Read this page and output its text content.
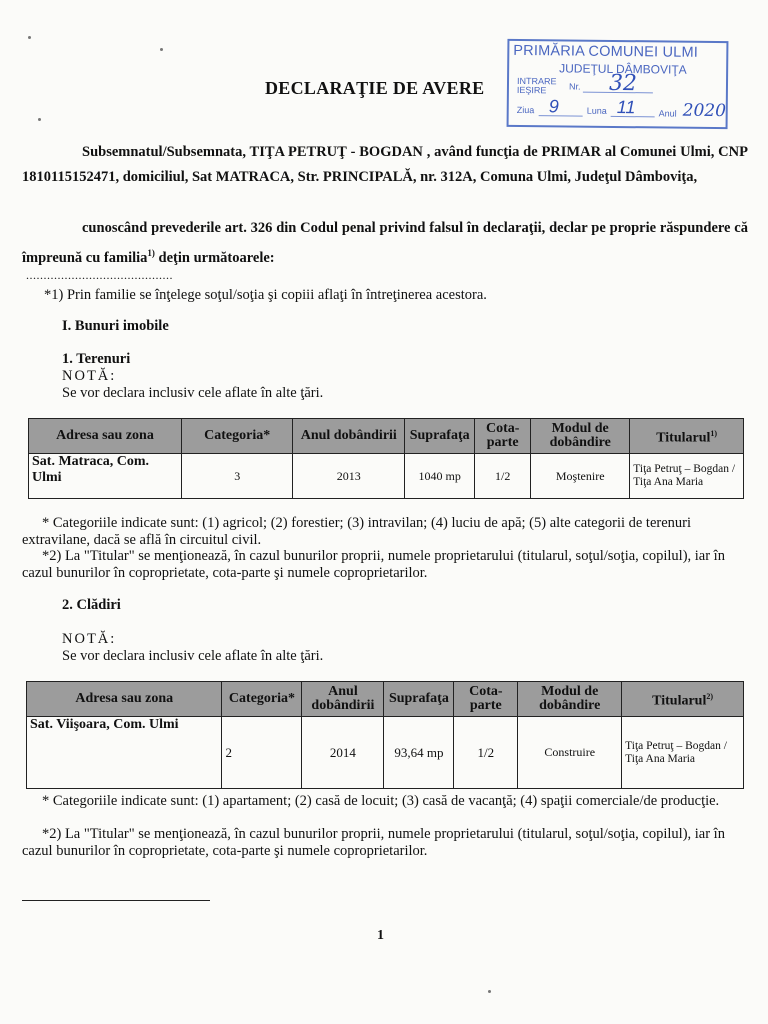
DECLARAŢIE DE AVERE
PRIMĂRIA COMUNEI ULMI
JUDEŢUL DÂMBOVIŢA
INTRARE
IEŞIRE	Nr. 32
Ziua 9	Luna 11	Anul 2020

Subsemnatul/Subsemnata, TIŢA PETRUŢ - BOGDAN , având funcţia de PRIMAR al Comunei Ulmi, CNP 1810115152471, domiciliul, Sat MATRACA, Str. PRINCIPALĂ, nr. 312A, Comuna Ulmi, Judeţul Dâmboviţa,

cunoscând prevederile art. 326 din Codul penal privind falsul în declaraţii, declar pe proprie răspundere că împreună cu familia$^{1)}$ deţin următoarele:

..........................................
*1) Prin familie se înţelege soţul/soţia şi copiii aflaţi în întreţinerea acestora.
I. Bunuri imobile
1. Terenuri
NOTĂ:
Se vor declara inclusiv cele aflate în alte ţări.
Adresa sau zona	Categoria*	Anul dobândirii	Suprafaţa	Cota-parte	Modul de dobândire	Titularul$^{1)}$
Sat. Matraca, Com. Ulmi	3	2013	1040 mp	1/2	Moştenire	Tiţa Petruţ – Bogdan / Tiţa Ana Maria
* Categoriile indicate sunt: (1) agricol; (2) forestier; (3) intravilan; (4) luciu de apă; (5) alte categorii de terenuri extravilane, dacă se află în circuitul civil.
*2) La "Titular" se menţionează, în cazul bunurilor proprii, numele proprietarului (titularul, soţul/soţia, copilul), iar în cazul bunurilor în coproprietate, cota-parte şi numele coproprietarilor.
2. Clădiri
NOTĂ:
Se vor declara inclusiv cele aflate în alte ţări.
Adresa sau zona	Categoria*	Anul dobândirii	Suprafaţa	Cota-parte	Modul de dobândire	Titularul$^{2)}$
Sat. Viişoara, Com. Ulmi	2	2014	93,64 mp	1/2	Construire	Tiţa Petruţ – Bogdan / Tiţa Ana Maria
* Categoriile indicate sunt: (1) apartament; (2) casă de locuit; (3) casă de vacanţă; (4) spaţii comerciale/de producţie.
*2) La "Titular" se menţionează, în cazul bunurilor proprii, numele proprietarului (titularul, soţul/soţia, copilul), iar în cazul bunurilor în coproprietate, cota-parte şi numele coproprietarilor.
1
